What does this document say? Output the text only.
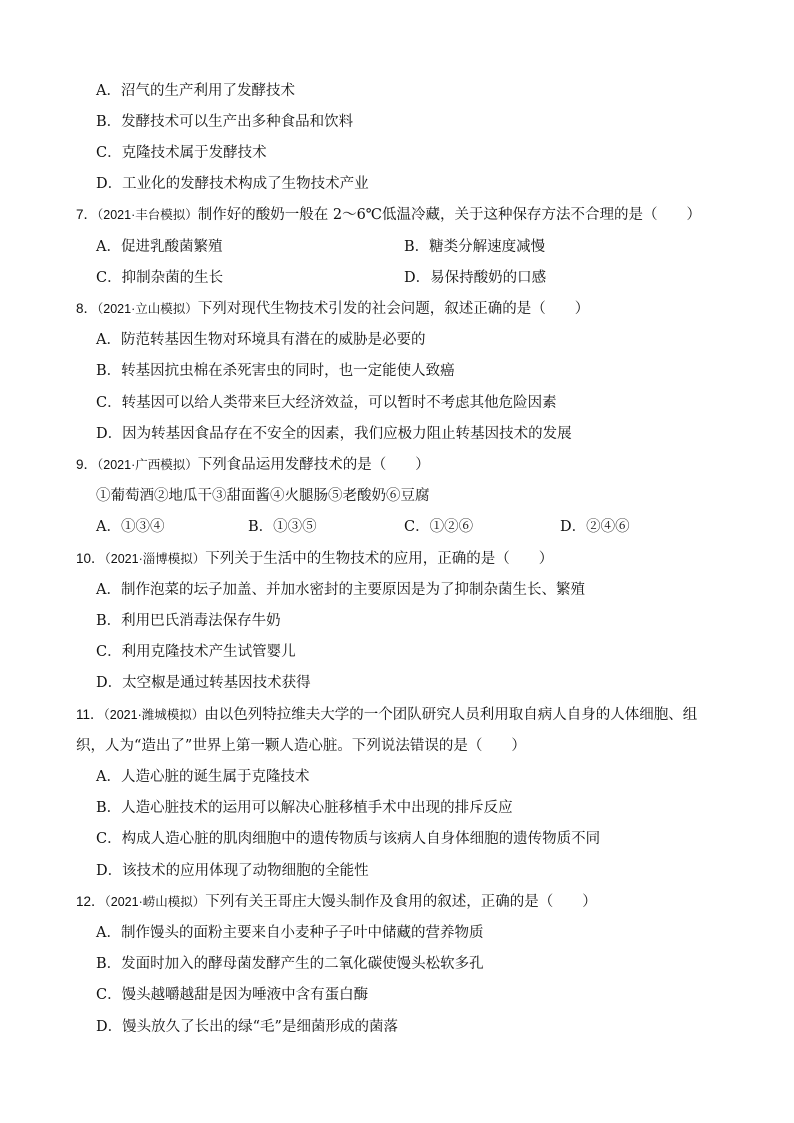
A．沼气的生产利用了发酵技术
B．发酵技术可以生产出多种食品和饮料
C．克隆技术属于发酵技术
D．工业化的发酵技术构成了生物技术产业
7．（2021·丰台模拟）制作好的酸奶一般在 2～6℃低温冷藏，关于这种保存方法不合理的是（　　）
A．促进乳酸菌繁殖	B．糖类分解速度减慢
C．抑制杂菌的生长	D．易保持酸奶的口感
8．（2021·立山模拟）下列对现代生物技术引发的社会问题，叙述正确的是（　　）
A．防范转基因生物对环境具有潜在的威胁是必要的
B．转基因抗虫棉在杀死害虫的同时，也一定能使人致癌
C．转基因可以给人类带来巨大经济效益，可以暂时不考虑其他危险因素
D．因为转基因食品存在不安全的因素，我们应极力阻止转基因技术的发展
9．（2021·广西模拟）下列食品运用发酵技术的是（　　）
①葡萄酒②地瓜干③甜面酱④火腿肠⑤老酸奶⑥豆腐
A．①③④	B．①③⑤	C．①②⑥	D．②④⑥
10．（2021·淄博模拟）下列关于生活中的生物技术的应用，正确的是（　　）
A．制作泡菜的坛子加盖、并加水密封的主要原因是为了抑制杂菌生长、繁殖
B．利用巴氏消毒法保存牛奶
C．利用克隆技术产生试管婴儿
D．太空椒是通过转基因技术获得
11．（2021·潍城模拟）由以色列特拉维夫大学的一个团队研究人员利用取自病人自身的人体细胞、组
织，人为“造出了”世界上第一颗人造心脏。下列说法错误的是（　　）
A．人造心脏的诞生属于克隆技术
B．人造心脏技术的运用可以解决心脏移植手术中出现的排斥反应
C．构成人造心脏的肌肉细胞中的遗传物质与该病人自身体细胞的遗传物质不同
D．该技术的应用体现了动物细胞的全能性
12．（2021·崂山模拟）下列有关王哥庄大馒头制作及食用的叙述，正确的是（　　）
A．制作馒头的面粉主要来自小麦种子子叶中储藏的营养物质
B．发面时加入的酵母菌发酵产生的二氧化碳使馒头松软多孔
C．馒头越嚼越甜是因为唾液中含有蛋白酶
D．馒头放久了长出的绿“毛”是细菌形成的菌落
